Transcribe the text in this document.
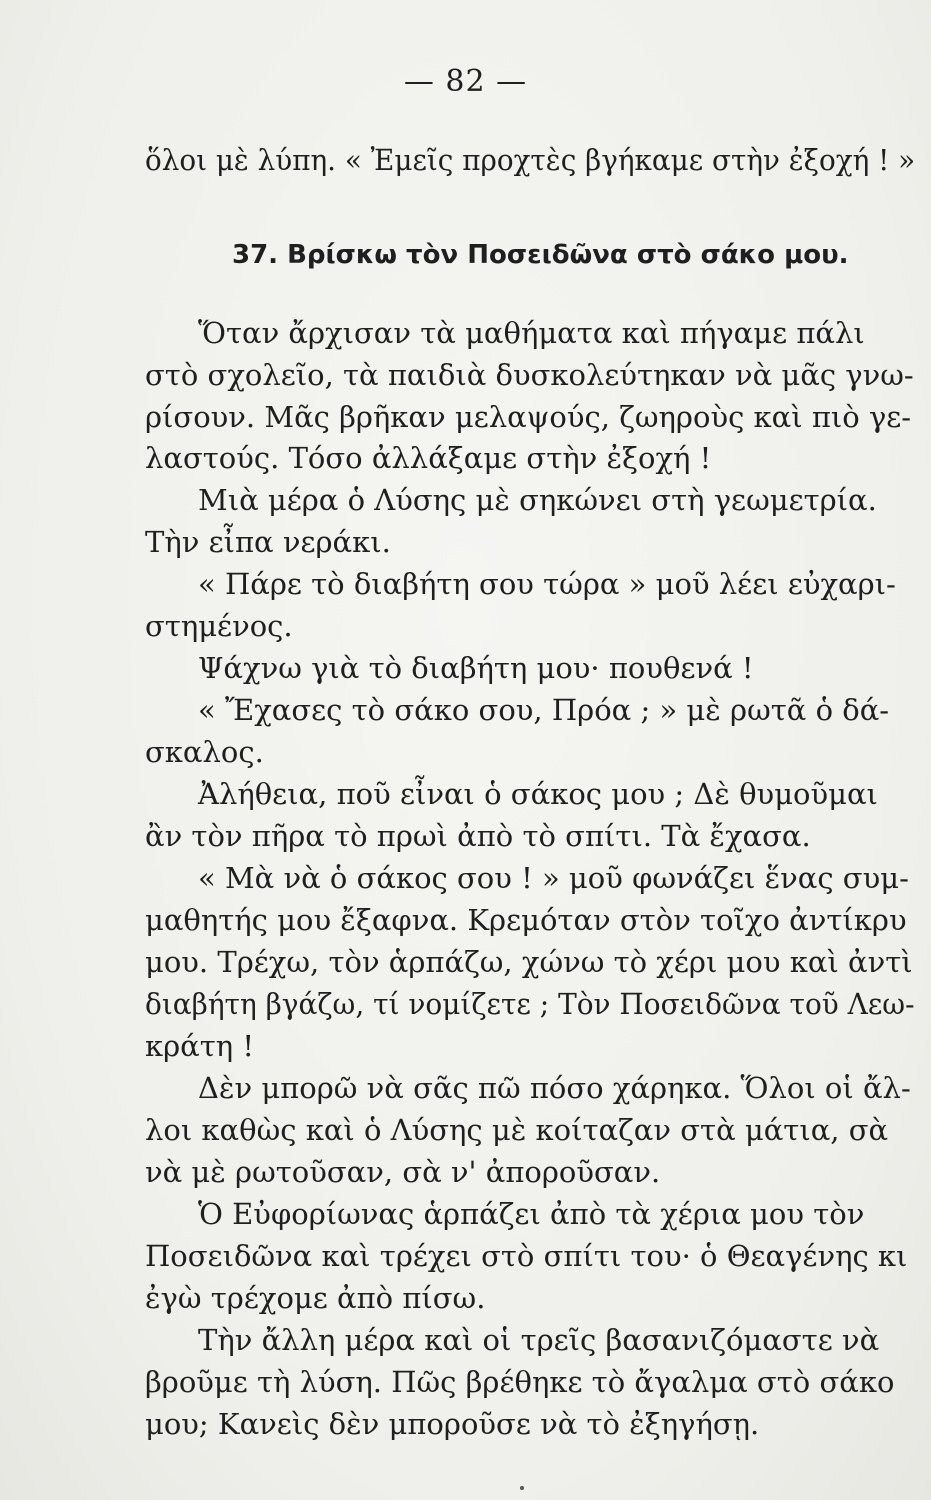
— 82 —
ὅλοι μὲ λύπη. « Ἐμεῖς προχτὲς βγήκαμε στὴν ἐξοχή ! »
37. Βρίσκω τὸν Ποσειδῶνα στὸ σάκο μου.
Ὅταν ἄρχισαν τὰ μαθήματα καὶ πήγαμε πάλι
στὸ σχολεῖο, τὰ παιδιὰ δυσκολεύτηκαν νὰ μᾶς γνω-
ρίσουν. Μᾶς βρῆκαν μελαψούς, ζωηροὺς καὶ πιὸ γε-
λαστούς. Τόσο ἀλλάξαμε στὴν ἐξοχή !
Μιὰ μέρα ὁ Λύσης μὲ σηκώνει στὴ γεωμετρία.
Τὴν εἶπα νεράκι.
« Πάρε τὸ διαβήτη σου τώρα » μοῦ λέει εὐχαρι-
στημένος.
Ψάχνω γιὰ τὸ διαβήτη μου· πουθενά !
« Ἔχασες τὸ σάκο σου, Πρόα ; » μὲ ρωτᾶ ὁ δά-
σκαλος.
Ἀλήθεια, ποῦ εἶναι ὁ σάκος μου ; Δὲ θυμοῦμαι
ἂν τὸν πῆρα τὸ πρωὶ ἀπὸ τὸ σπίτι. Τὰ ἔχασα.
« Μὰ νὰ ὁ σάκος σου ! » μοῦ φωνάζει ἕνας συμ-
μαθητής μου ἔξαφνα. Κρεμόταν στὸν τοῖχο ἀντίκρυ
μου. Τρέχω, τὸν ἁρπάζω, χώνω τὸ χέρι μου καὶ ἀντὶ
διαβήτη βγάζω, τί νομίζετε ; Τὸν Ποσειδῶνα τοῦ Λεω-
κράτη !
Δὲν μπορῶ νὰ σᾶς πῶ πόσο χάρηκα. Ὅλοι οἱ ἄλ-
λοι καθὼς καὶ ὁ Λύσης μὲ κοίταζαν στὰ μάτια, σὰ
νὰ μὲ ρωτοῦσαν, σὰ ν' ἀποροῦσαν.
Ὁ Εὐφορίωνας ἁρπάζει ἀπὸ τὰ χέρια μου τὸν
Ποσειδῶνα καὶ τρέχει στὸ σπίτι του· ὁ Θεαγένης κι
ἐγὼ τρέχομε ἀπὸ πίσω.
Τὴν ἄλλη μέρα καὶ οἱ τρεῖς βασανιζόμαστε νὰ
βροῦμε τὴ λύση. Πῶς βρέθηκε τὸ ἄγαλμα στὸ σάκο
μου; Κανεὶς δὲν μποροῦσε νὰ τὸ ἐξηγήσῃ.
